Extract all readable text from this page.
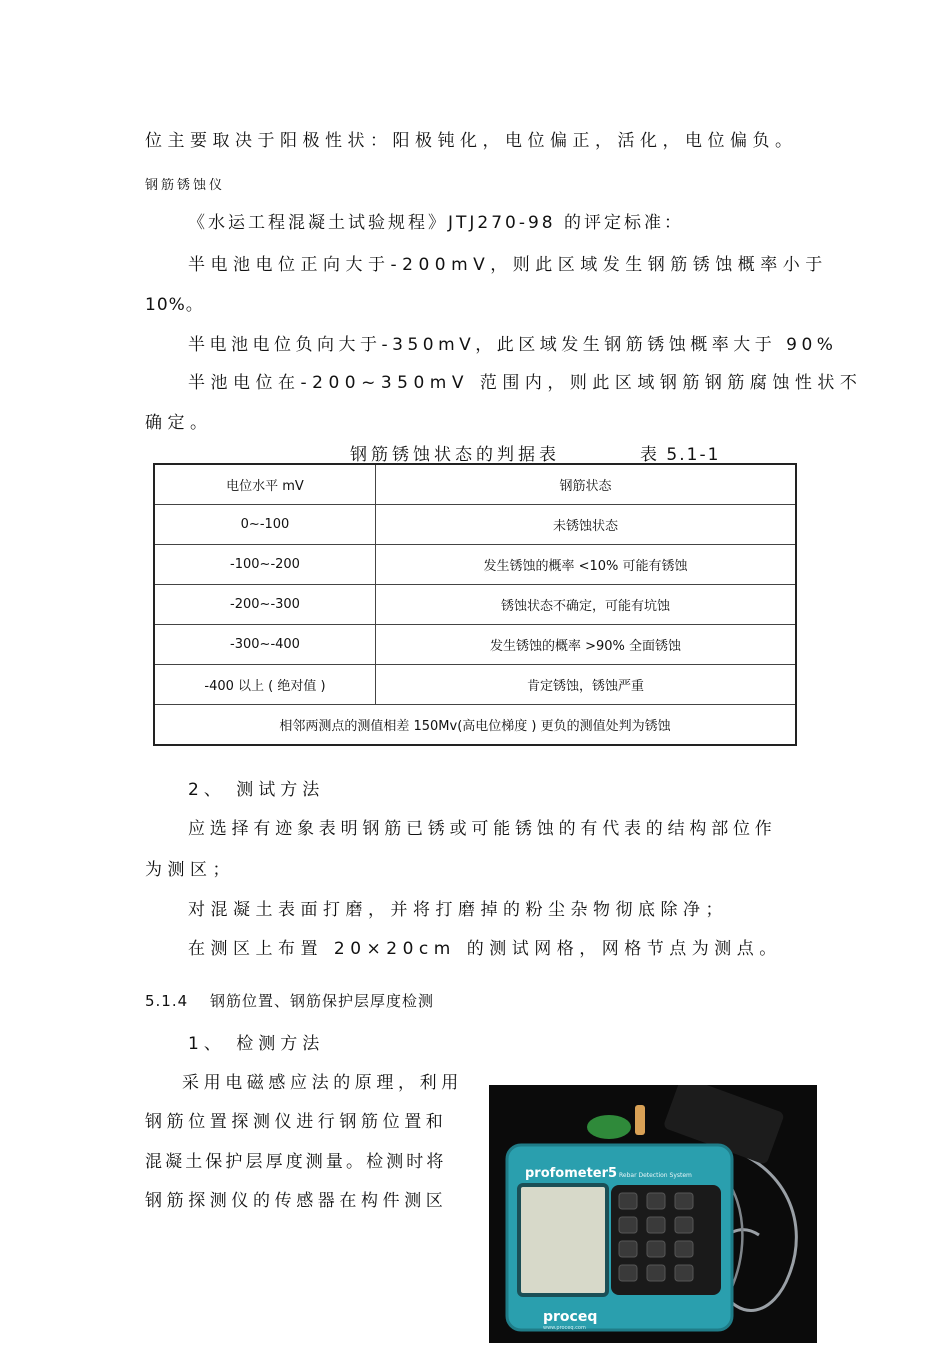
位主要取决于阳极性状：阳极钝化，电位偏正，活化，电位偏负。
钢筋锈蚀仪
《水运工程混凝土试验规程》JTJ270-98 的评定标准：
半电池电位正向大于-200mV，则此区域发生钢筋锈蚀概率小于
10%。
半电池电位负向大于-350mV，此区域发生钢筋锈蚀概率大于 90%
半池电位在-200~350mV 范围内，则此区域钢筋钢筋腐蚀性状不
确定。
钢筋锈蚀状态的判据表	表 5.1-1
电位水平 mV	钢筋状态
0~-100	未锈蚀状态
-100~-200	发生锈蚀的概率 <10% 可能有锈蚀
-200~-300	锈蚀状态不确定，可能有坑蚀
-300~-400	发生锈蚀的概率 >90% 全面锈蚀
-400 以上 ( 绝对值 )	肯定锈蚀，锈蚀严重
相邻两测点的测值相差 150Mv(高电位梯度 ) 更负的测值处判为锈蚀	
2、 测试方法
应选择有迹象表明钢筋已锈或可能锈蚀的有代表的结构部位作
为测区；
对混凝土表面打磨，并将打磨掉的粉尘杂物彻底除净；
在测区上布置 20×20cm 的测试网格，网格节点为测点。
5.1.4 钢筋位置、钢筋保护层厚度检测
1、 检测方法
采用电磁感应法的原理，利用
钢筋位置探测仪进行钢筋位置和
混凝土保护层厚度测量。检测时将
钢筋探测仪的传感器在构件测区
profometer5 Rebar Detection System
proceq
www.proceq.com
